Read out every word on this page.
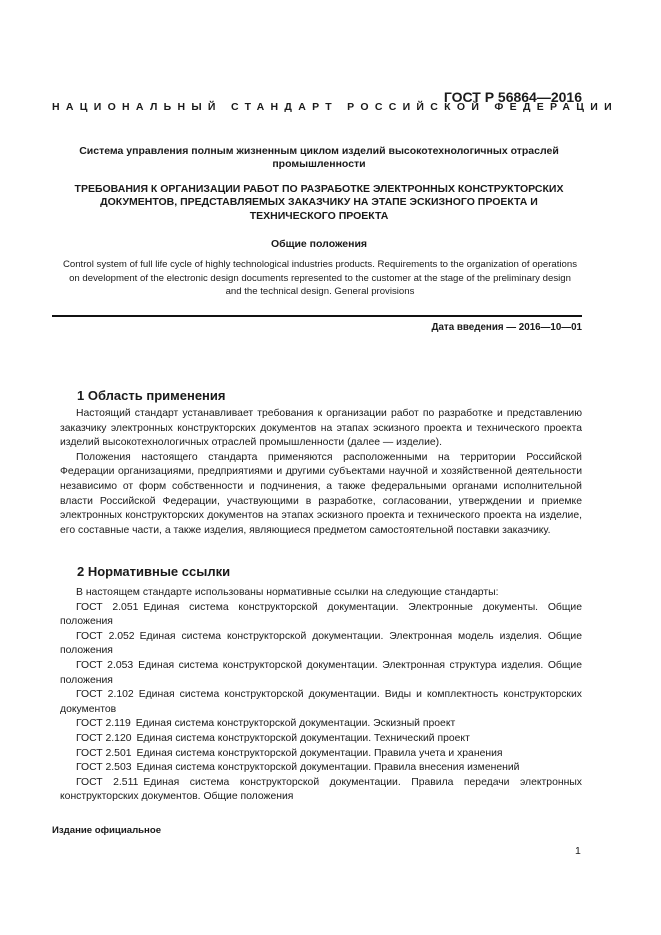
ГОСТ Р 56864—2016
НАЦИОНАЛЬНЫЙ СТАНДАРТ РОССИЙСКОЙ ФЕДЕРАЦИИ
Система управления полным жизненным циклом изделий высокотехнологичных отраслей промышленности
ТРЕБОВАНИЯ К ОРГАНИЗАЦИИ РАБОТ ПО РАЗРАБОТКЕ ЭЛЕКТРОННЫХ КОНСТРУКТОРСКИХ ДОКУМЕНТОВ, ПРЕДСТАВЛЯЕМЫХ ЗАКАЗЧИКУ НА ЭТАПЕ ЭСКИЗНОГО ПРОЕКТА И ТЕХНИЧЕСКОГО ПРОЕКТА
Общие положения
Control system of full life cycle of highly technological industries products. Requirements to the organization of operations on development of the electronic design documents represented to the customer at the stage of the preliminary design and the technical design. General provisions
Дата введения — 2016—10—01
1 Область применения

Настоящий стандарт устанавливает требования к организации работ по разработке и представлению заказчику электронных конструкторских документов на этапах эскизного проекта и технического проекта изделий высокотехнологичных отраслей промышленности (далее — изделие).

Положения настоящего стандарта применяются расположенными на территории Российской Федерации организациями, предприятиями и другими субъектами научной и хозяйственной деятельности независимо от форм собственности и подчинения, а также федеральными органами исполнительной власти Российской Федерации, участвующими в разработке, согласовании, утверждении и приемке электронных конструкторских документов на этапах эскизного проекта и технического проекта на изделие, его составные части, а также изделия, являющиеся предметом самостоятельной поставки заказчику.

2 Нормативные ссылки

В настоящем стандарте использованы нормативные ссылки на следующие стандарты:

ГОСТ 2.051 Единая система конструкторской документации. Электронные документы. Общие положения

ГОСТ 2.052 Единая система конструкторской документации. Электронная модель изделия. Общие положения

ГОСТ 2.053 Единая система конструкторской документации. Электронная структура изделия. Общие положения

ГОСТ 2.102 Единая система конструкторской документации. Виды и комплектность конструкторских документов

ГОСТ 2.119 Единая система конструкторской документации. Эскизный проект

ГОСТ 2.120 Единая система конструкторской документации. Технический проект

ГОСТ 2.501 Единая система конструкторской документации. Правила учета и хранения

ГОСТ 2.503 Единая система конструкторской документации. Правила внесения изменений

ГОСТ 2.511 Единая система конструкторской документации. Правила передачи электронных конструкторских документов. Общие положения

Издание официальное
1
